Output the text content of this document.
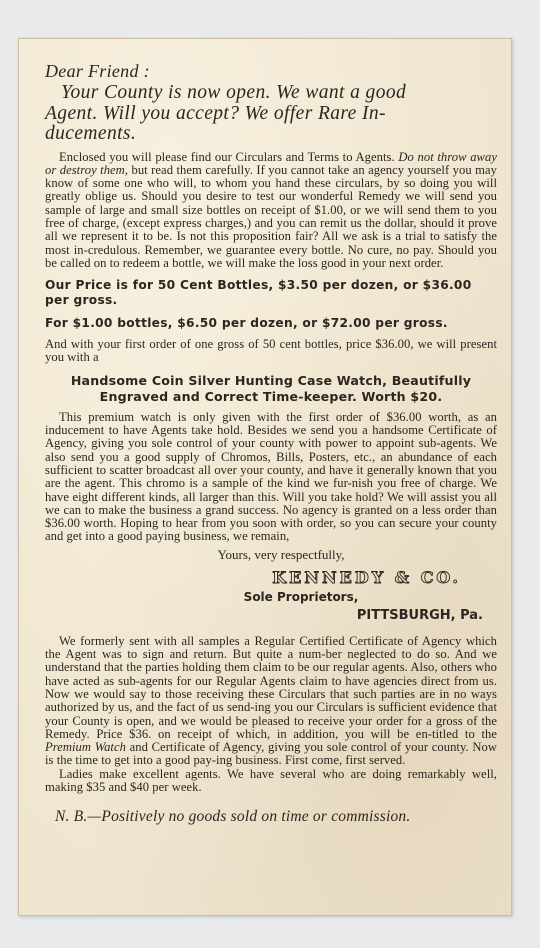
Dear Friend :

Your County is now open. We want a good
Agent. Will you accept? We offer Rare In-
ducements.

Enclosed you will please find our Circulars and Terms to Agents. Do not throw away or destroy them, but read them carefully. If you cannot take an agency yourself you may know of some one who will, to whom you hand these circulars, by so doing you will greatly oblige us. Should you desire to test our wonderful Remedy we will send you sample of large and small size bottles on receipt of $1.00, or we will send them to you free of charge, (except express charges,) and you can remit us the dollar, should it prove all we represent it to be. Is not this proposition fair? All we ask is a trial to satisfy the most in-credulous. Remember, we guarantee every bottle. No cure, no pay. Should you be called on to redeem a bottle, we will make the loss good in your next order.

Our Price is for 50 Cent Bottles, $3.50 per dozen, or $36.00 per gross.

For $1.00 bottles, $6.50 per dozen, or $72.00 per gross.

And with your first order of one gross of 50 cent bottles, price $36.00, we will present you with a

Handsome Coin Silver Hunting Case Watch, Beautifully

Engraved and Correct Time-keeper. Worth $20.

This premium watch is only given with the first order of $36.00 worth, as an inducement to have Agents take hold. Besides we send you a handsome Certificate of Agency, giving you sole control of your county with power to appoint sub-agents. We also send you a good supply of Chromos, Bills, Posters, etc., an abundance of each sufficient to scatter broadcast all over your county, and have it generally known that you are the agent. This chromo is a sample of the kind we fur-nish you free of charge. We have eight different kinds, all larger than this. Will you take hold? We will assist you all we can to make the business a grand success. No agency is granted on a less order than $36.00 worth. Hoping to hear from you soon with order, so you can secure your county and get into a good paying business, we remain,

Yours, very respectfully,

KENNEDY & CO.

Sole Proprietors,

PITTSBURGH, Pa.

We formerly sent with all samples a Regular Certified Certificate of Agency which the Agent was to sign and return. But quite a num-ber neglected to do so. And we understand that the parties holding them claim to be our regular agents. Also, others who have acted as sub-agents for our Regular Agents claim to have agencies direct from us. Now we would say to those receiving these Circulars that such parties are in no ways authorized by us, and the fact of us send-ing you our Circulars is sufficient evidence that your County is open, and we would be pleased to receive your order for a gross of the Remedy. Price $36. on receipt of which, in addition, you will be en-titled to the Premium Watch and Certificate of Agency, giving you sole control of your county. Now is the time to get into a good pay-ing business. First come, first served.

Ladies make excellent agents. We have several who are doing remarkably well, making $35 and $40 per week.

N. B.—Positively no goods sold on time or commission.
